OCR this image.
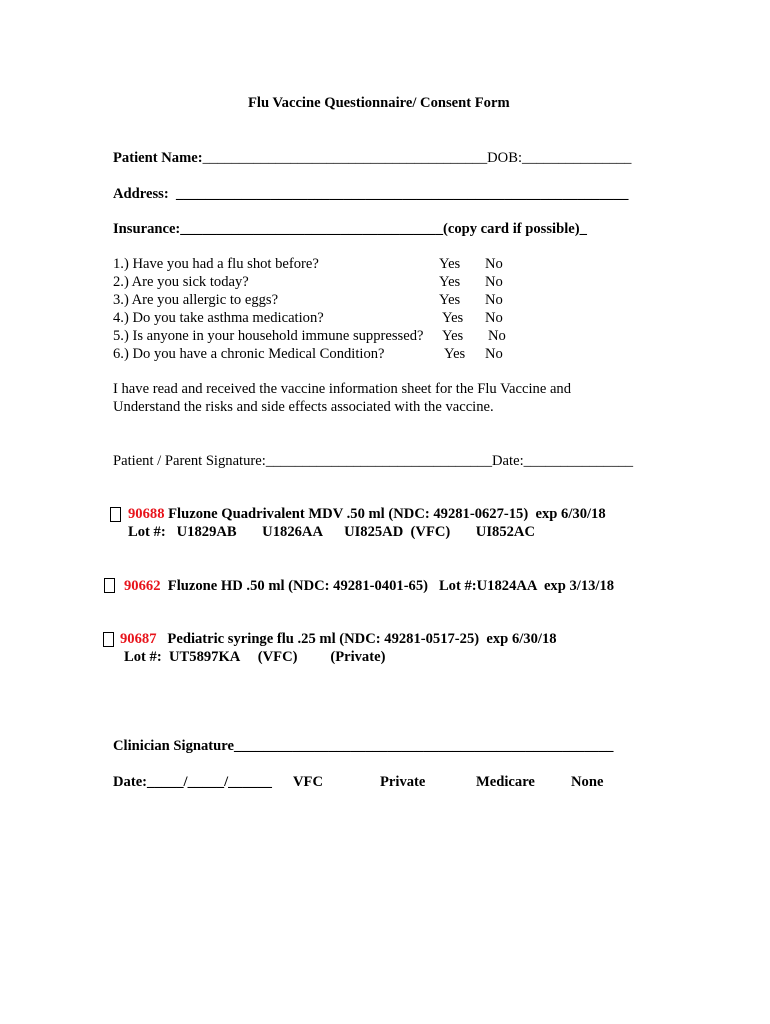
Flu Vaccine Questionnaire/ Consent Form
Patient Name:_______________________________________DOB:_______________
Address: ______________________________________________________________
Insurance:____________________________________(copy card if possible)_
1.) Have you had a flu shot before?	Yes No
2.) Are you sick today?	Yes No
3.) Are you allergic to eggs?	Yes No
4.) Do you take asthma medication?	Yes No
5.) Is anyone in your household immune suppressed? Yes No
6.) Do you have a chronic Medical Condition?	Yes No
I have read and received the vaccine information sheet for the Flu Vaccine and
Understand the risks and side effects associated with the vaccine.
Patient / Parent Signature:_______________________________Date:_______________
90688 Fluzone Quadrivalent MDV .50 ml (NDC: 49281-0627-15)  exp 6/30/18
Lot #:   U1829AB       U1826AA      UI825AD  (VFC)       UI852AC
90662  Fluzone HD .50 ml (NDC: 49281-0401-65)   Lot #:U1824AA  exp 3/13/18
90687   Pediatric syringe flu .25 ml (NDC: 49281-0517-25)  exp 6/30/18
Lot #:  UT5897KA     (VFC)         (Private)
Clinician Signature____________________________________________________
Date:_____/_____/______ VFC	Private	Medicare None
